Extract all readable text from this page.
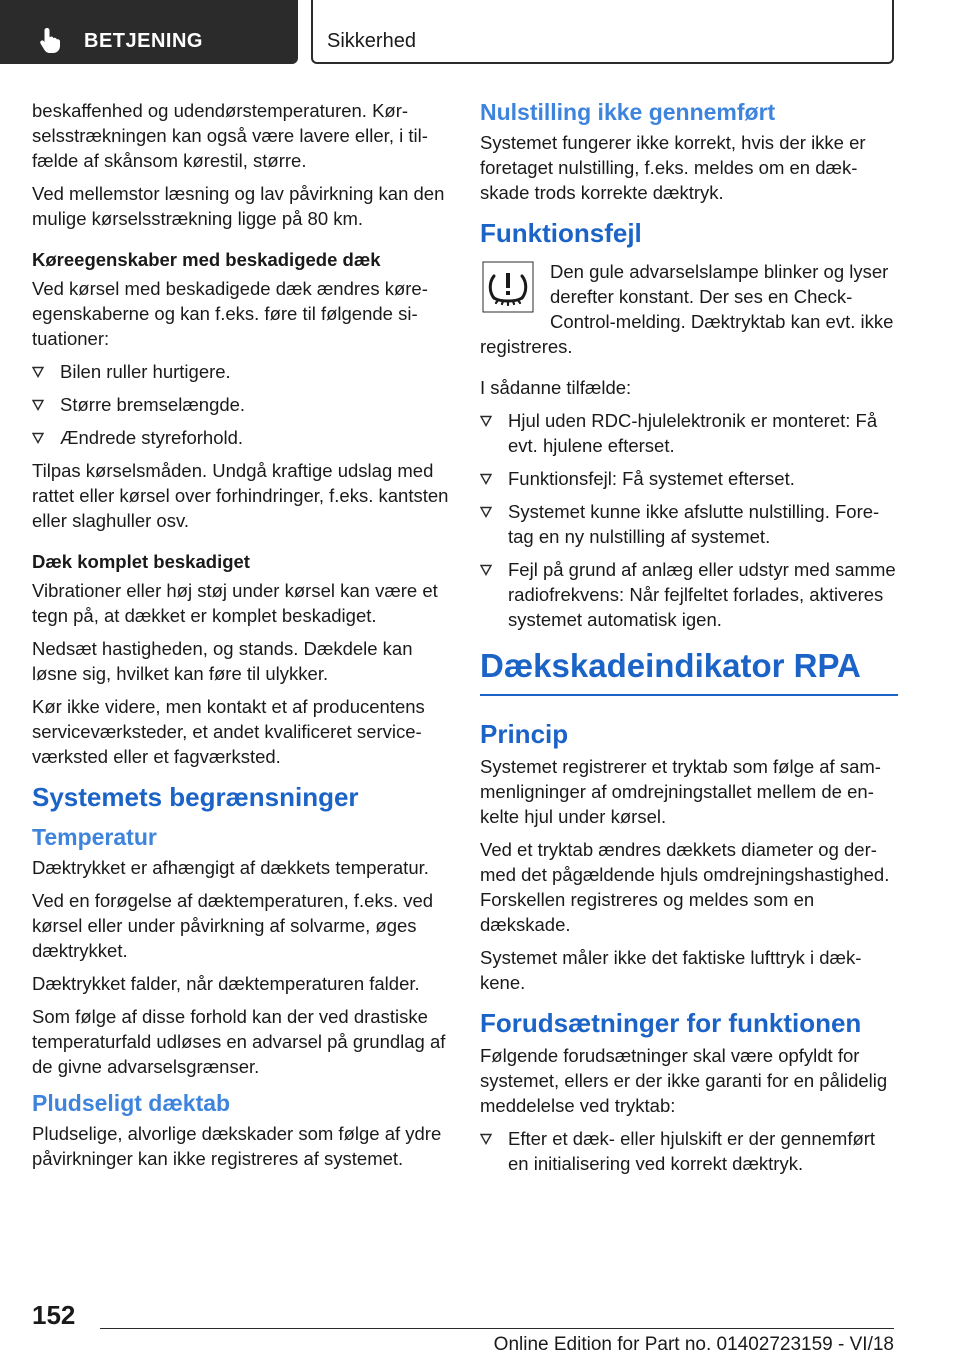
BETJENING	Sikkerhed

beskaffenhed og udendørstemperaturen. Kørselsstrækningen kan også være lavere eller, i tilfælde af skånsom kørestil, større.

Ved mellemstor læsning og lav påvirkning kan den mulige kørselsstrækning ligge på 80 km.

Køreegenskaber med beskadigede dæk

Ved kørsel med beskadigede dæk ændres køreegenskaberne og kan f.eks. føre til følgende situationer:

Bilen ruller hurtigere.
Større bremselængde.
Ændrede styreforhold.

Tilpas kørselsmåden. Undgå kraftige udslag med rattet eller kørsel over forhindringer, f.eks. kantsten eller slaghuller osv.

Dæk komplet beskadiget

Vibrationer eller høj støj under kørsel kan være et tegn på, at dækket er komplet beskadiget.

Nedsæt hastigheden, og stands. Dækdele kan løsne sig, hvilket kan føre til ulykker.

Kør ikke videre, men kontakt et af producentens serviceværksteder, et andet kvalificeret serviceværksted eller et fagværksted.

Systemets begrænsninger
Temperatur

Dæktrykket er afhængigt af dækkets temperatur.

Ved en forøgelse af dæktemperaturen, f.eks. ved kørsel eller under påvirkning af solvarme, øges dæktrykket.

Dæktrykket falder, når dæktemperaturen falder.

Som følge af disse forhold kan der ved drastiske temperaturfald udløses en advarsel på grundlag af de givne advarselsgrænser.

Pludseligt dæktab

Pludselige, alvorlige dækskader som følge af ydre påvirkninger kan ikke registreres af systemet.

Nulstilling ikke gennemført

Systemet fungerer ikke korrekt, hvis der ikke er foretaget nulstilling, f.eks. meldes om en dækskade trods korrekte dæktryk.

Funktionsfejl

Den gule advarselslampe blinker og lyser derefter konstant. Der ses en Check-Control-melding. Dæktryktab kan evt. ikke registreres.

I sådanne tilfælde:

Hjul uden RDC-hjulelektronik er monteret: Få evt. hjulene efterset.
Funktionsfejl: Få systemet efterset.
Systemet kunne ikke afslutte nulstilling. Foretag en ny nulstilling af systemet.
Fejl på grund af anlæg eller udstyr med samme radiofrekvens: Når fejlfeltet forlades, aktiveres systemet automatisk igen.
Dækskadeindikator RPA
Princip

Systemet registrerer et tryktab som følge af sammenligninger af omdrejningstallet mellem de enkelte hjul under kørsel.

Ved et tryktab ændres dækkets diameter og dermed det pågældende hjuls omdrejningshastighed. Forskellen registreres og meldes som en dækskade.

Systemet måler ikke det faktiske lufttryk i dækkene.

Forudsætninger for funktionen

Følgende forudsætninger skal være opfyldt for systemet, ellers er der ikke garanti for en pålidelig meddelelse ved tryktab:

Efter et dæk- eller hjulskift er der gennemført en initialisering ved korrekt dæktryk.
152
Online Edition for Part no. 01402723159 - VI/18
